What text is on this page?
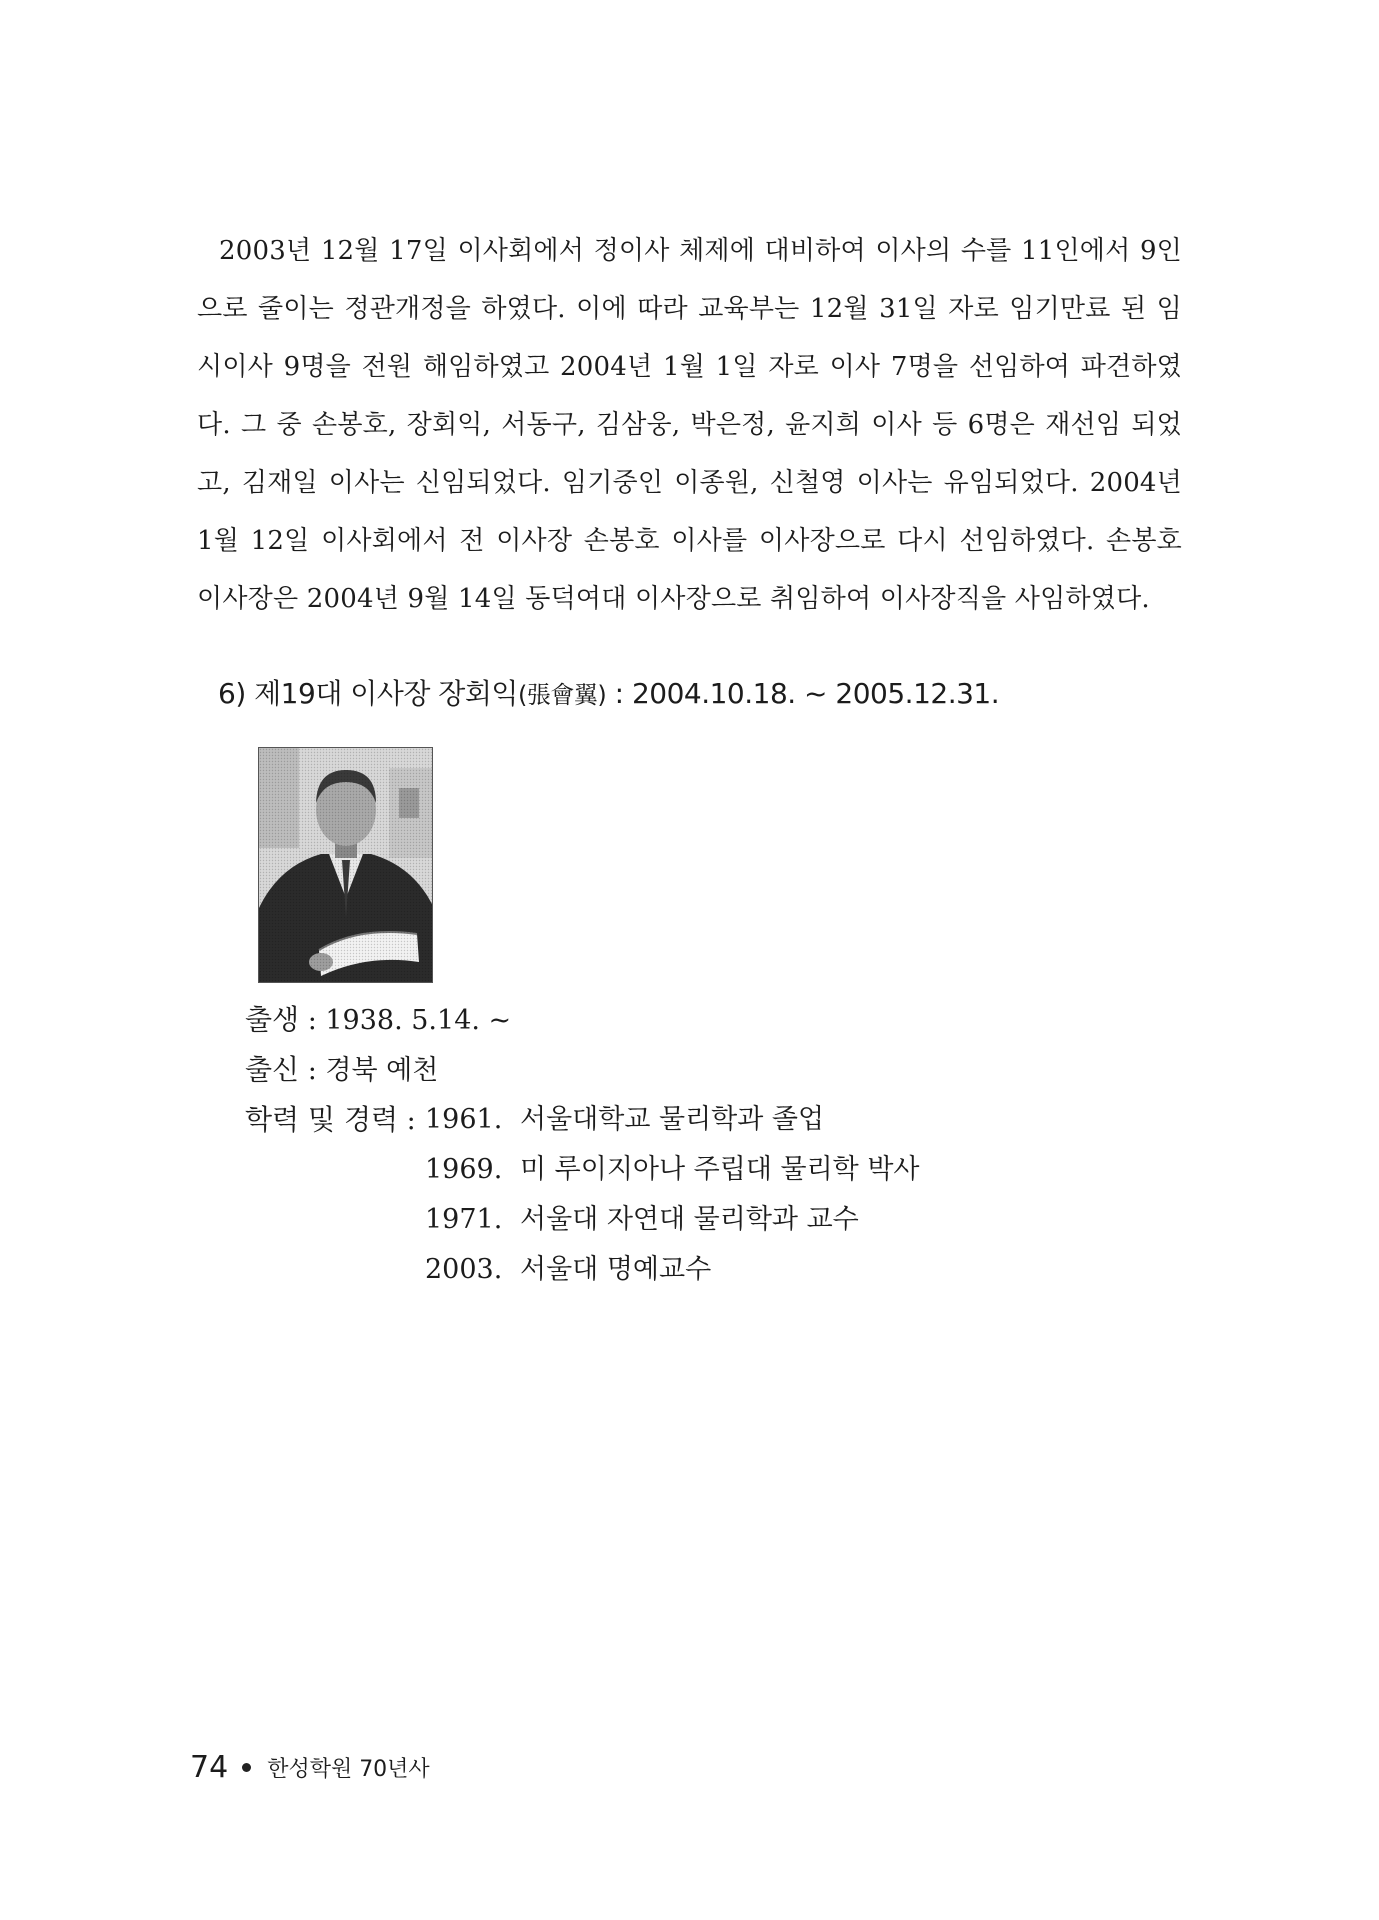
2003년 12월 17일 이사회에서 정이사 체제에 대비하여 이사의 수를 11인에서 9인으로 줄이는 정관개정을 하였다. 이에 따라 교육부는 12월 31일 자로 임기만료 된 임시이사 9명을 전원 해임하였고 2004년 1월 1일 자로 이사 7명을 선임하여 파견하였다. 그 중 손봉호, 장회익, 서동구, 김삼웅, 박은정, 윤지희 이사 등 6명은 재선임 되었고, 김재일 이사는 신임되었다. 임기중인 이종원, 신철영 이사는 유임되었다. 2004년 1월 12일 이사회에서 전 이사장 손봉호 이사를 이사장으로 다시 선임하였다. 손봉호 이사장은 2004년 9월 14일 동덕여대 이사장으로 취임하여 이사장직을 사임하였다.

6) 제19대 이사장 장회익(張會翼) : 2004.10.18. ~ 2005.12.31.
출생 : 1938. 5.14. ~
출신 : 경북 예천
학력 및 경력 : 1961. 서울대학교 물리학과 졸업
1969. 미 루이지아나 주립대 물리학 박사
1971. 서울대 자연대 물리학과 교수
2003. 서울대 명예교수
74 한성학원 70년사
